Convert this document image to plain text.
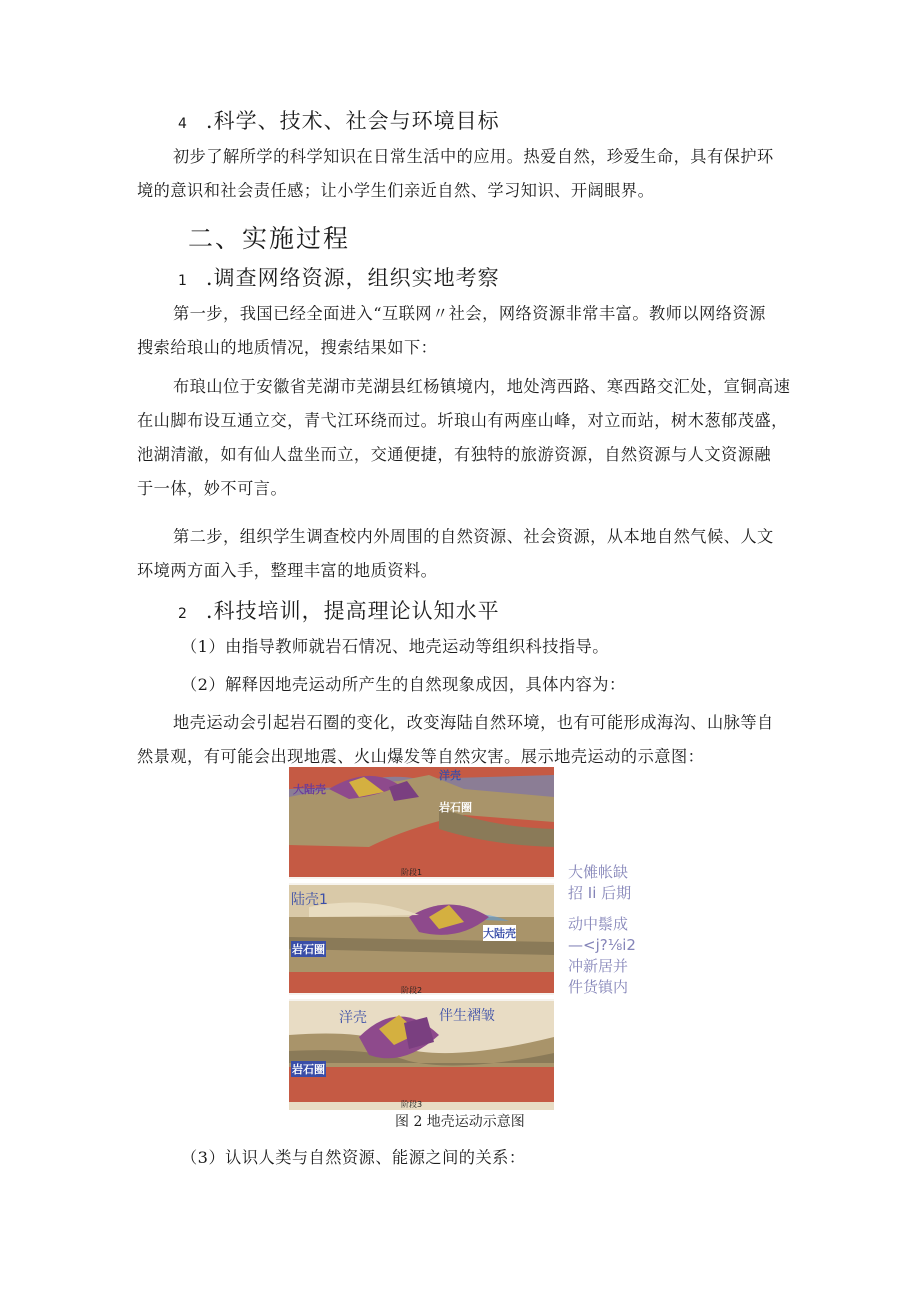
4 .科学、技术、社会与环境目标
初步了解所学的科学知识在日常生活中的应用。热爱自然，珍爱生命，具有保护环
境的意识和社会责任感；让小学生们亲近自然、学习知识、开阔眼界。
二、实施过程
1 .调查网络资源，组织实地考察
第一步，我国已经全面进入“互联网〃社会，网络资源非常丰富。教师以网络资源
搜索给琅山的地质情况，搜索结果如下：
布琅山位于安徽省芜湖市芜湖县红杨镇境内，地处湾西路、寒西路交汇处，宣铜高速
在山脚布设互通立交，青弋江环绕而过。圻琅山有两座山峰，对立而站，树木葱郁茂盛，
池湖清澈，如有仙人盘坐而立，交通便捷，有独特的旅游资源，自然资源与人文资源融
于一体，妙不可言。
第二步，组织学生调查校内外周围的自然资源、社会资源，从本地自然气候、人文
环境两方面入手，整理丰富的地质资料。
2 .科技培训，提高理论认知水平
（1）由指导教师就岩石情况、地壳运动等组织科技指导。
（2）解释因地壳运动所产生的自然现象成因，具体内容为：
地壳运动会引起岩石圈的变化，改变海陆自然环境，也有可能形成海沟、山脉等自
然景观，有可能会出现地震、火山爆发等自然灾害。展示地壳运动的示意图：
大陆壳
洋壳
岩石圈
阶段1
陆壳1
岩石圈
大陆壳
阶段2
洋壳	伴生褶皱
岩石圈
阶段3
大傩帐缺
招 Ii 后期
动中鬃成
—<j?⅛i2
冲新居并
件货镇内
图 2 地壳运动示意图
（3）认识人类与自然资源、能源之间的关系：
